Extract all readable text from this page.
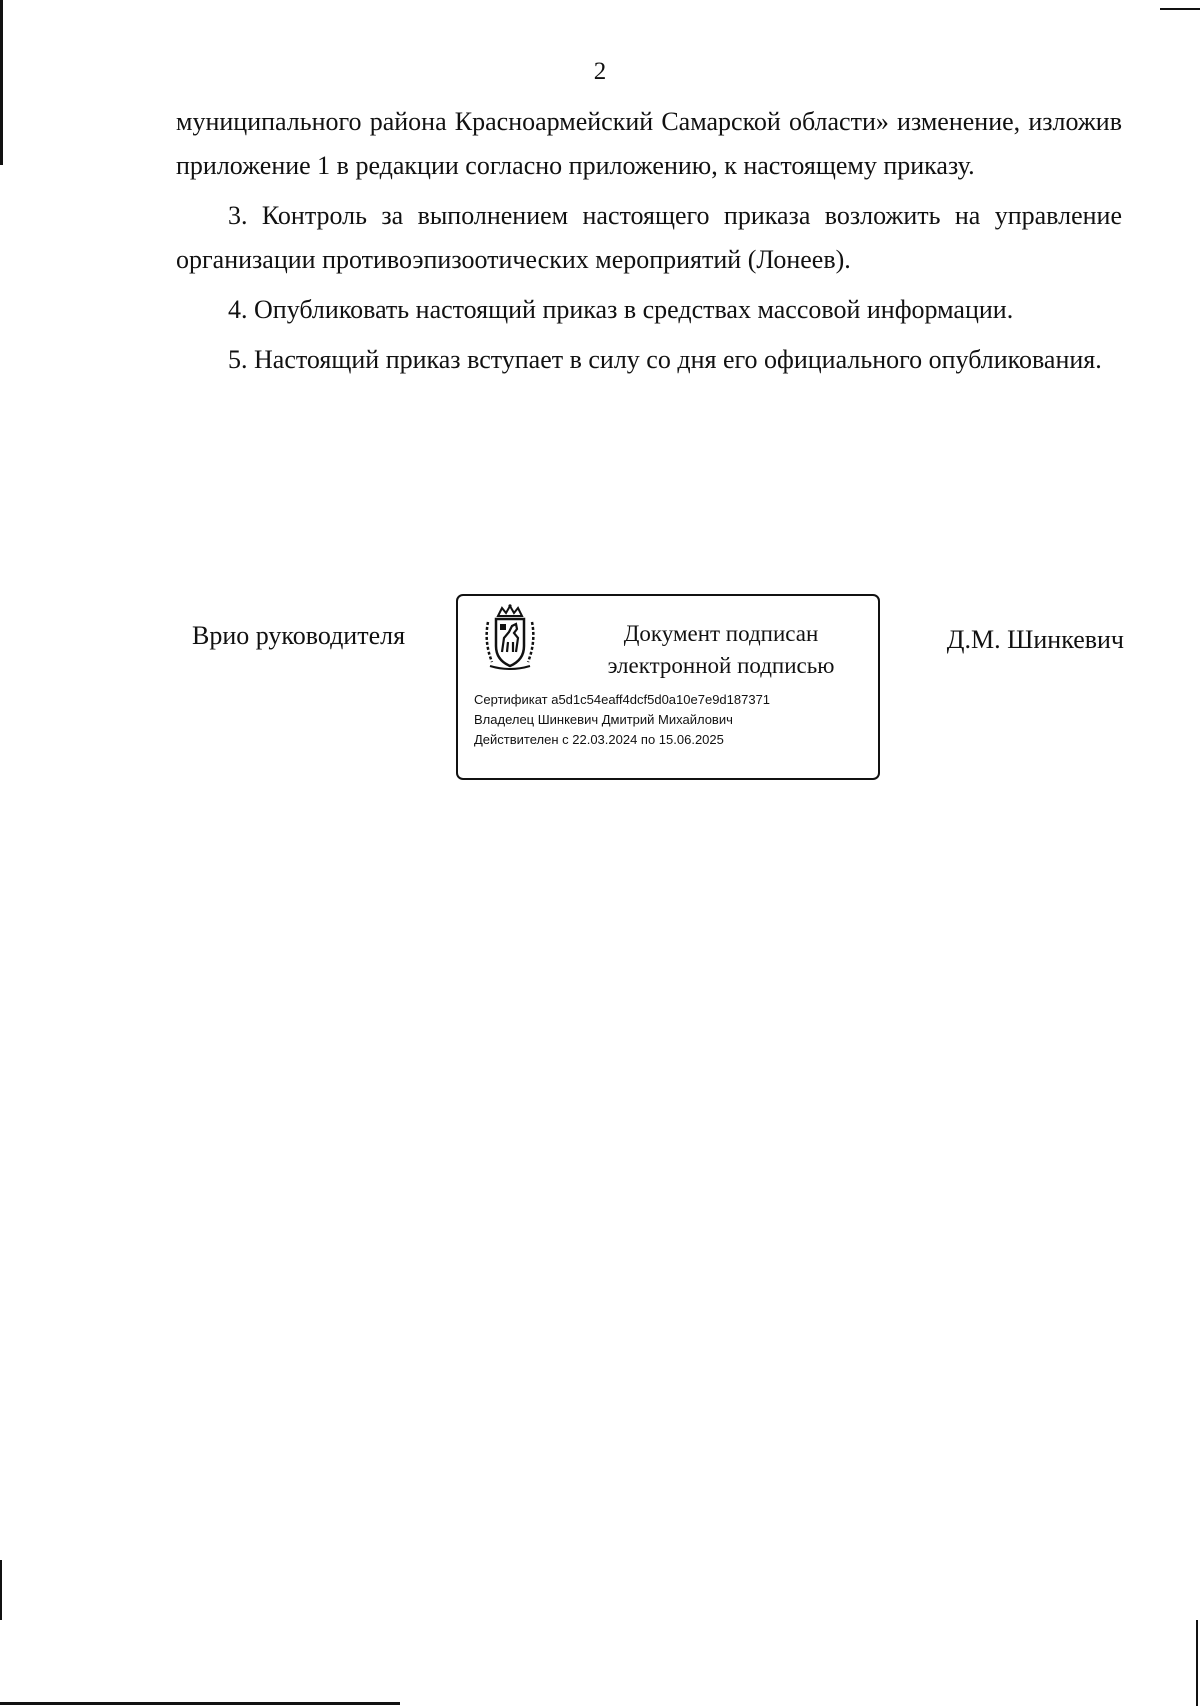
2

муниципального района Красноармейский Самарской области» изменение, изложив приложение 1 в редакции согласно приложению, к настоящему приказу.

3. Контроль за выполнением настоящего приказа возложить на управление организации противоэпизоотических мероприятий (Лонеев).

4. Опубликовать настоящий приказ в средствах массовой информации.

5. Настоящий приказ вступает в силу со дня его официального опубликования.

Врио руководителя	Документ подписан
электронной подписью
Сертификат a5d1c54eaff4dcf5d0a10e7e9d187371
Владелец Шинкевич Дмитрий Михайлович
Действителен с 22.03.2024 по 15.06.2025
Д.М. Шинкевич
